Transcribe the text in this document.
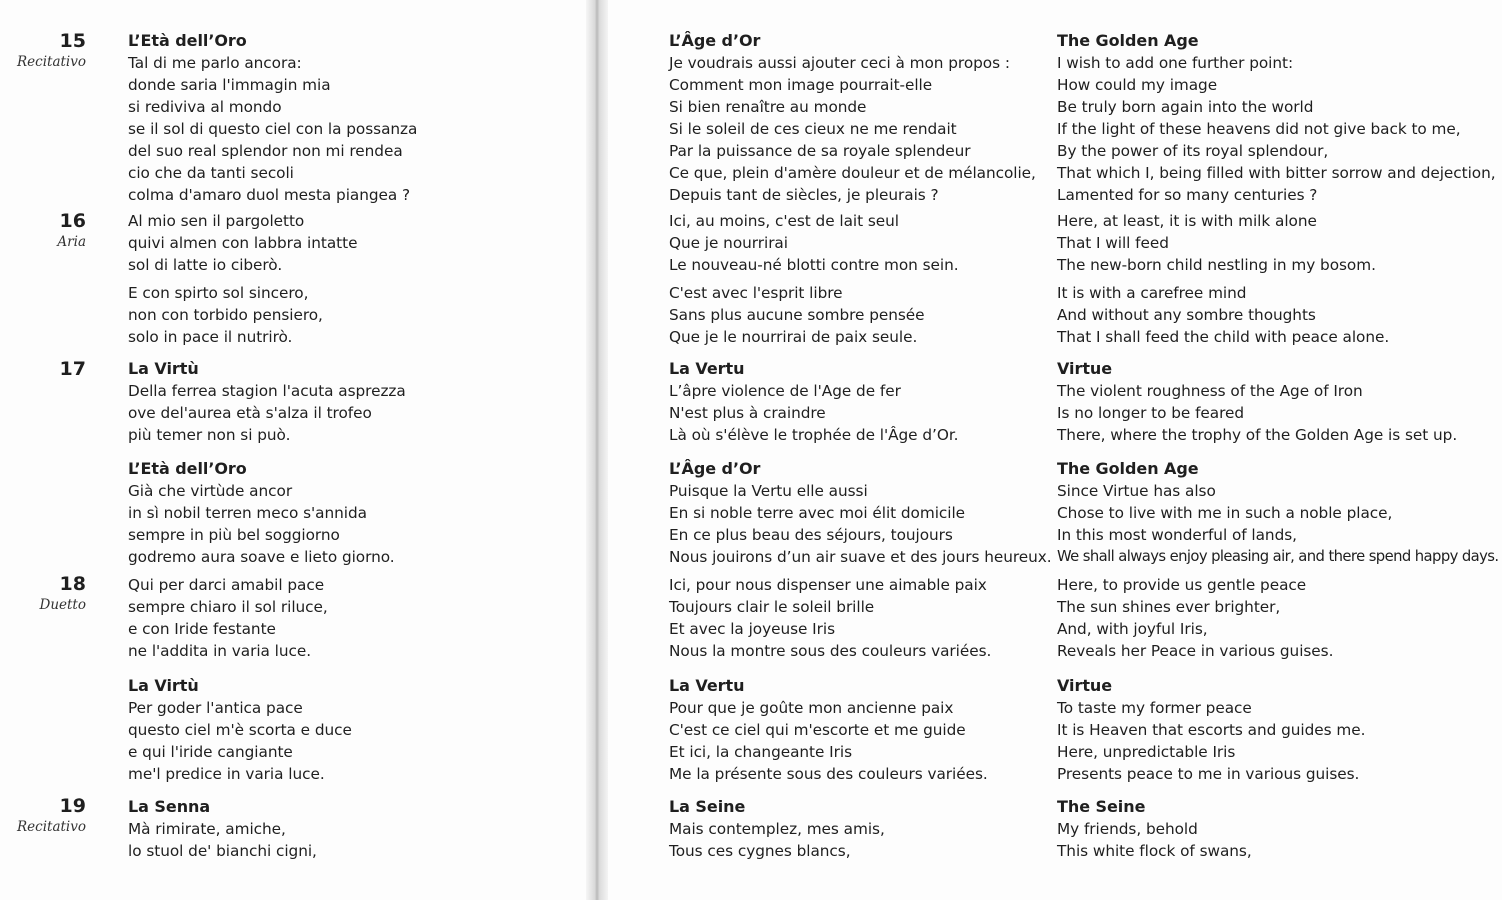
15
Recitativo
16
Aria
17
18
Duetto
19
Recitativo
L’Età dell’Oro
Tal di me parlo ancora:
donde saria l'immagin mia
si rediviva al mondo
se il sol di questo ciel con la possanza
del suo real splendor non mi rendea
cio che da tanti secoli
colma d'amaro duol mesta piangea ?
Al mio sen il pargoletto
quivi almen con labbra intatte
sol di latte io ciberò.
E con spirto sol sincero,
non con torbido pensiero,
solo in pace il nutrirò.
La Virtù
Della ferrea stagion l'acuta asprezza
ove del'aurea età s'alza il trofeo
più temer non si può.
L’Età dell’Oro
Già che virtùde ancor
in sì nobil terren meco s'annida
sempre in più bel soggiorno
godremo aura soave e lieto giorno.
Qui per darci amabil pace
sempre chiaro il sol riluce,
e con Iride festante
ne l'addita in varia luce.
La Virtù
Per goder l'antica pace
questo ciel m'è scorta e duce
e qui l'iride cangiante
me'l predice in varia luce.
La Senna
Mà rimirate, amiche,
lo stuol de' bianchi cigni,
L’Âge d’Or
Je voudrais aussi ajouter ceci à mon propos :
Comment mon image pourrait-elle
Si bien renaître au monde
Si le soleil de ces cieux ne me rendait
Par la puissance de sa royale splendeur
Ce que, plein d'amère douleur et de mélancolie,
Depuis tant de siècles, je pleurais ?
Ici, au moins, c'est de lait seul
Que je nourrirai
Le nouveau-né blotti contre mon sein.
C'est avec l'esprit libre
Sans plus aucune sombre pensée
Que je le nourrirai de paix seule.
La Vertu
L’âpre violence de l'Age de fer
N'est plus à craindre
Là où s'élève le trophée de l'Âge d’Or.
L’Âge d’Or
Puisque la Vertu elle aussi
En si noble terre avec moi élit domicile
En ce plus beau des séjours, toujours
Nous jouirons d’un air suave et des jours heureux.
Ici, pour nous dispenser une aimable paix
Toujours clair le soleil brille
Et avec la joyeuse Iris
Nous la montre sous des couleurs variées.
La Vertu
Pour que je goûte mon ancienne paix
C'est ce ciel qui m'escorte et me guide
Et ici, la changeante Iris
Me la présente sous des couleurs variées.
La Seine
Mais contemplez, mes amis,
Tous ces cygnes blancs,
The Golden Age
I wish to add one further point:
How could my image
Be truly born again into the world
If the light of these heavens did not give back to me,
By the power of its royal splendour,
That which I, being filled with bitter sorrow and dejection,
Lamented for so many centuries ?
Here, at least, it is with milk alone
That I will feed
The new-born child nestling in my bosom.
It is with a carefree mind
And without any sombre thoughts
That I shall feed the child with peace alone.
Virtue
The violent roughness of the Age of Iron
Is no longer to be feared
There, where the trophy of the Golden Age is set up.
The Golden Age
Since Virtue has also
Chose to live with me in such a noble place,
In this most wonderful of lands,
We shall always enjoy pleasing air, and there spend happy days.
Here, to provide us gentle peace
The sun shines ever brighter,
And, with joyful Iris,
Reveals her Peace in various guises.
Virtue
To taste my former peace
It is Heaven that escorts and guides me.
Here, unpredictable Iris
Presents peace to me in various guises.
The Seine
My friends, behold
This white flock of swans,
